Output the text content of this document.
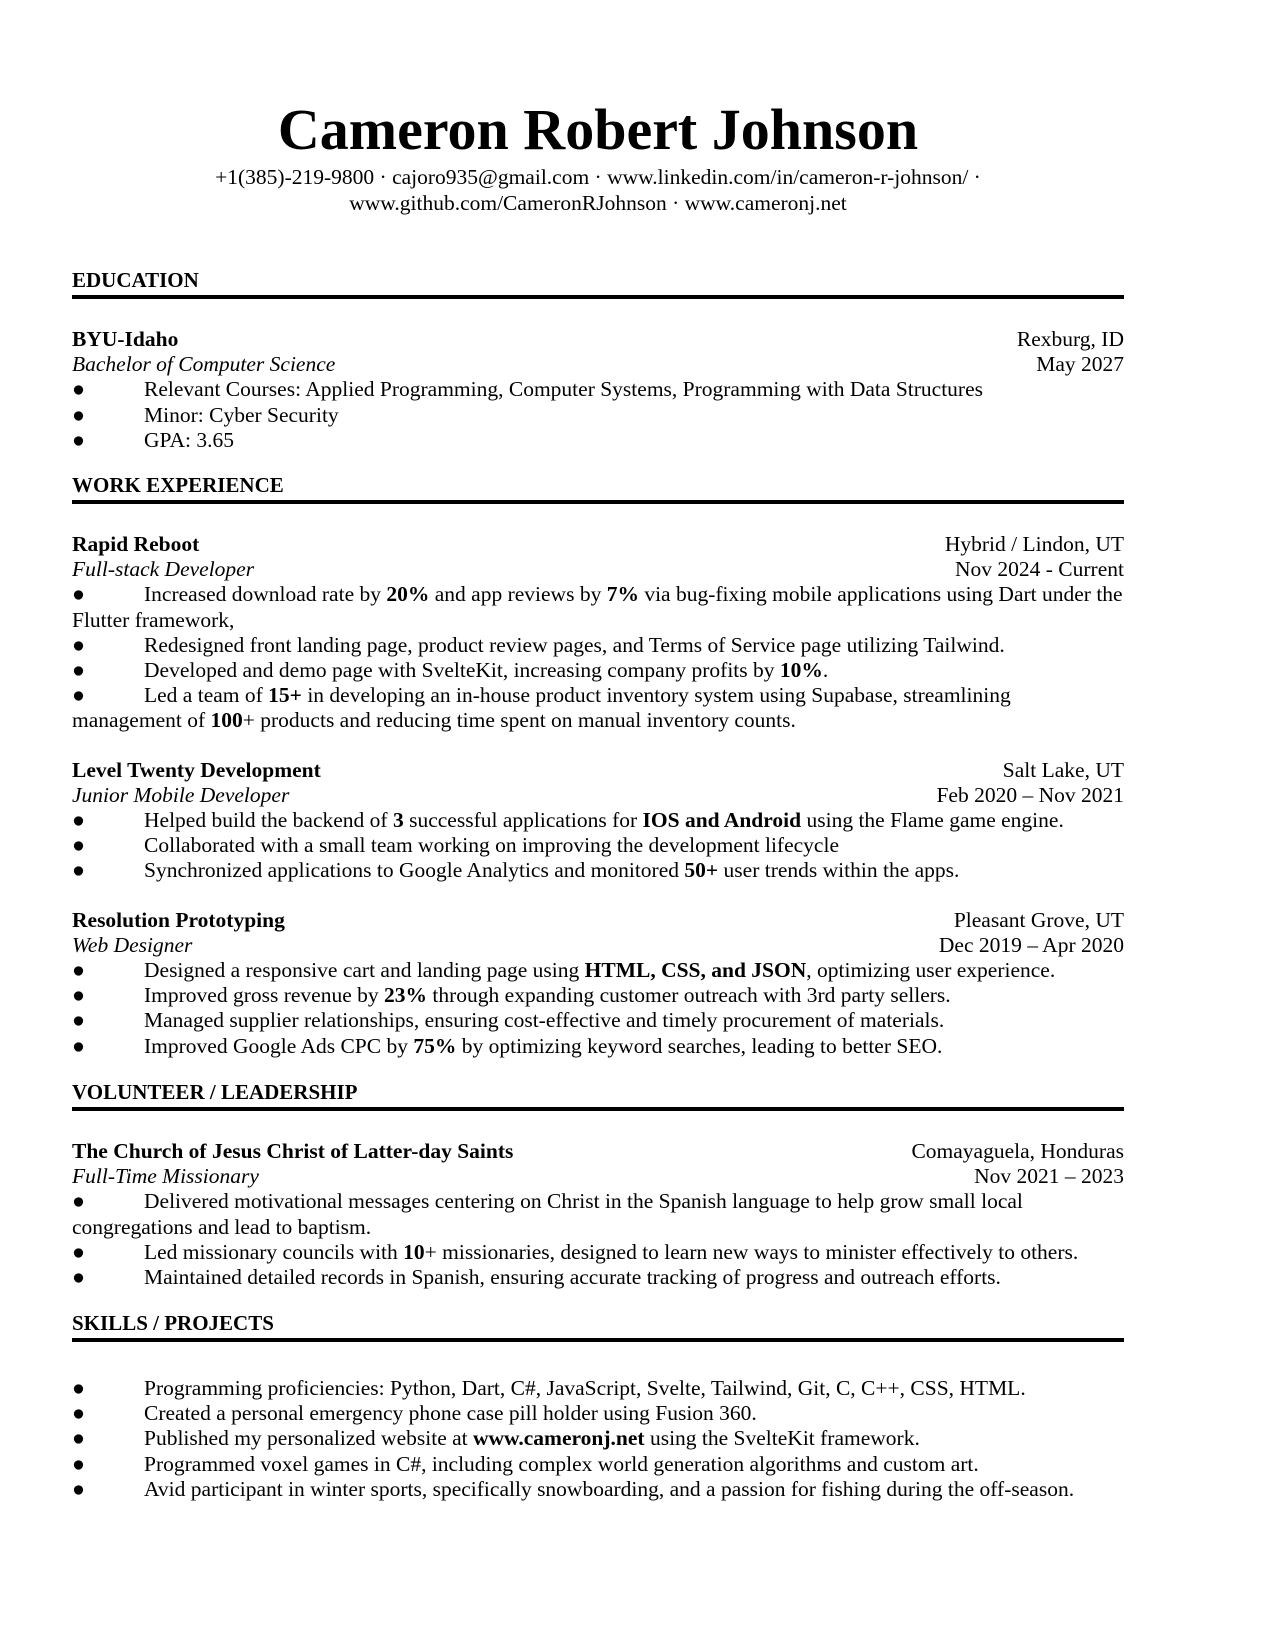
Cameron Robert Johnson
+1(385)-219-9800 · cajoro935@gmail.com · www.linkedin.com/in/cameron-r-johnson/ ·
www.github.com/CameronRJohnson · www.cameronj.net
EDUCATION
BYU-Idaho	Rexburg, ID
Bachelor of Computer Science	May 2027
●	Relevant Courses: Applied Programming, Computer Systems, Programming with Data Structures
●	Minor: Cyber Security
●	GPA: 3.65
WORK EXPERIENCE
Rapid Reboot	Hybrid / Lindon, UT
Full-stack Developer	Nov 2024 - Current
●	Increased download rate by 20% and app reviews by 7% via bug-fixing mobile applications using Dart under the Flutter framework,
●	Redesigned front landing page, product review pages, and Terms of Service page utilizing Tailwind.
●	Developed and demo page with SvelteKit, increasing company profits by 10%.
●	Led a team of 15+ in developing an in-house product inventory system using Supabase, streamlining management of 100+ products and reducing time spent on manual inventory counts.
Level Twenty Development	Salt Lake, UT
Junior Mobile Developer	Feb 2020 – Nov 2021
●	Helped build the backend of 3 successful applications for IOS and Android using the Flame game engine.
●	Collaborated with a small team working on improving the development lifecycle
●	Synchronized applications to Google Analytics and monitored 50+ user trends within the apps.
Resolution Prototyping	Pleasant Grove, UT
Web Designer	Dec 2019 – Apr 2020
●	Designed a responsive cart and landing page using HTML, CSS, and JSON, optimizing user experience.
●	Improved gross revenue by 23% through expanding customer outreach with 3rd party sellers.
●	Managed supplier relationships, ensuring cost-effective and timely procurement of materials.
●	Improved Google Ads CPC by 75% by optimizing keyword searches, leading to better SEO.
VOLUNTEER / LEADERSHIP
The Church of Jesus Christ of Latter-day Saints	Comayaguela, Honduras
Full-Time Missionary	Nov 2021 – 2023
●	Delivered motivational messages centering on Christ in the Spanish language to help grow small local congregations and lead to baptism.
●	Led missionary councils with 10+ missionaries, designed to learn new ways to minister effectively to others.
●	Maintained detailed records in Spanish, ensuring accurate tracking of progress and outreach efforts.
SKILLS / PROJECTS
●	Programming proficiencies: Python, Dart, C#, JavaScript, Svelte, Tailwind, Git, C, C++, CSS, HTML.
●	Created a personal emergency phone case pill holder using Fusion 360.
●	Published my personalized website at www.cameronj.net using the SvelteKit framework.
●	Programmed voxel games in C#, including complex world generation algorithms and custom art.
●	Avid participant in winter sports, specifically snowboarding, and a passion for fishing during the off-season.
